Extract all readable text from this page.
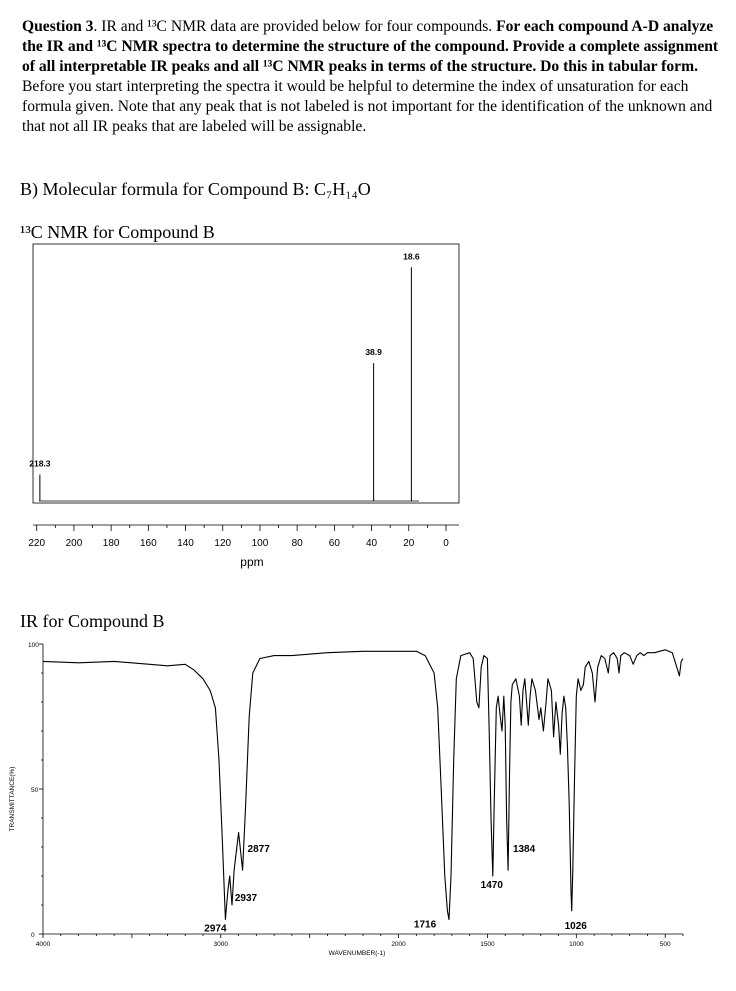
Question 3. IR and ¹³C NMR data are provided below for four compounds. For each compound A-D analyze the IR and ¹³C NMR spectra to determine the structure of the compound. Provide a complete assignment of all interpretable IR peaks and all ¹³C NMR peaks in terms of the structure. Do this in tabular form. Before you start interpreting the spectra it would be helpful to determine the index of unsaturation for each formula given. Note that any peak that is not labeled is not important for the identification of the unknown and that not all IR peaks that are labeled will be assignable.

B) Molecular formula for Compound B: C₇H₁₄O

¹³C NMR for Compound B

IR for Compound B

220 200 180 160 140 120 100 80	60	40	20	0
ppm
218.3
38.9
18.6
0
50
100
TRANSMITTANCE(%)
4000	3000	2000	1500	1000	500
WAVENUMBER(-1)
2974
2937
2877
1716
1470
1384
1026
